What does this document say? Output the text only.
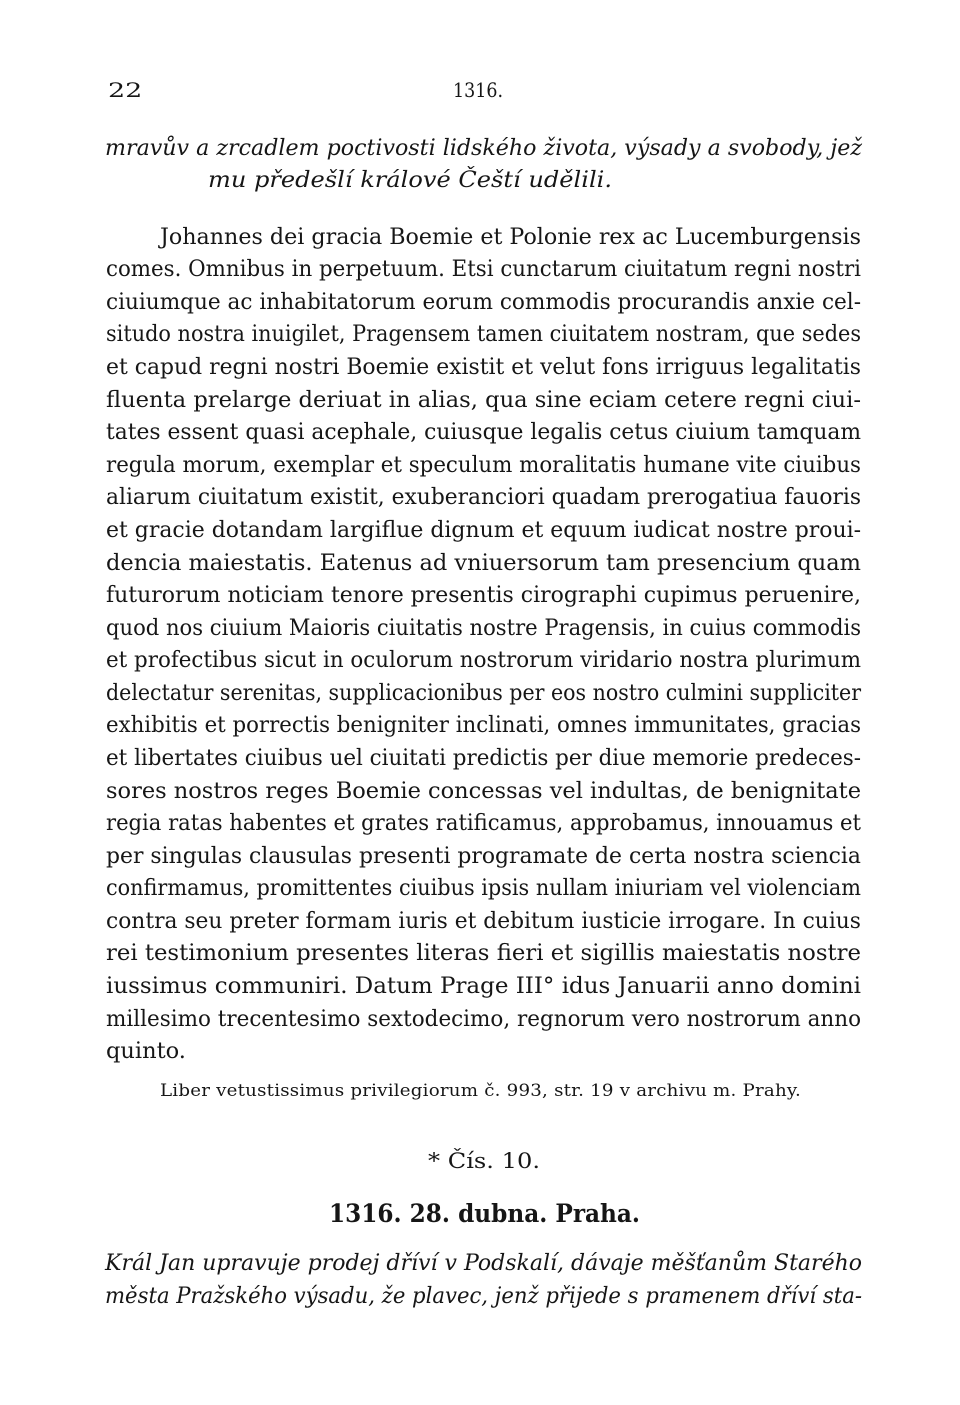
22	1316.
mravův a zrcadlem poctivosti lidského života, výsady a svobody, jež
mu předešlí králové Čeští udělili.
Johannes dei gracia Boemie et Polonie rex ac Lucemburgensis
comes. Omnibus in perpetuum. Etsi cunctarum ciuitatum regni nostri
ciuiumque ac inhabitatorum eorum commodis procurandis anxie cel-
situdo nostra inuigilet, Pragensem tamen ciuitatem nostram, que sedes
et capud regni nostri Boemie existit et velut fons irriguus legalitatis
fluenta prelarge deriuat in alias, qua sine eciam cetere regni ciui-
tates essent quasi acephale, cuiusque legalis cetus ciuium tamquam
regula morum, exemplar et speculum moralitatis humane vite ciuibus
aliarum ciuitatum existit, exuberanciori quadam prerogatiua fauoris
et gracie dotandam largiflue dignum et equum iudicat nostre proui-
dencia maiestatis. Eatenus ad vniuersorum tam presencium quam
futurorum noticiam tenore presentis cirographi cupimus peruenire,
quod nos ciuium Maioris ciuitatis nostre Pragensis, in cuius commodis
et profectibus sicut in oculorum nostrorum viridario nostra plurimum
delectatur serenitas, supplicacionibus per eos nostro culmini suppliciter
exhibitis et porrectis benigniter inclinati, omnes immunitates, gracias
et libertates ciuibus uel ciuitati predictis per diue memorie predeces-
sores nostros reges Boemie concessas vel indultas, de benignitate
regia ratas habentes et grates ratificamus, approbamus, innouamus et
per singulas clausulas presenti programate de certa nostra sciencia
confirmamus, promittentes ciuibus ipsis nullam iniuriam vel violenciam
contra seu preter formam iuris et debitum iusticie irrogare. In cuius
rei testimonium presentes literas fieri et sigillis maiestatis nostre
iussimus communiri. Datum Prage III° idus Januarii anno domini
millesimo trecentesimo sextodecimo, regnorum vero nostrorum anno
quinto.
Liber vetustissimus privilegiorum č. 993, str. 19 v archivu m. Prahy.
* Čís. 10.
1316. 28. dubna. Praha.
Král Jan upravuje prodej dříví v Podskalí, dávaje měšťanům Starého
města Pražského výsadu, že plavec, jenž přijede s pramenem dříví sta-
